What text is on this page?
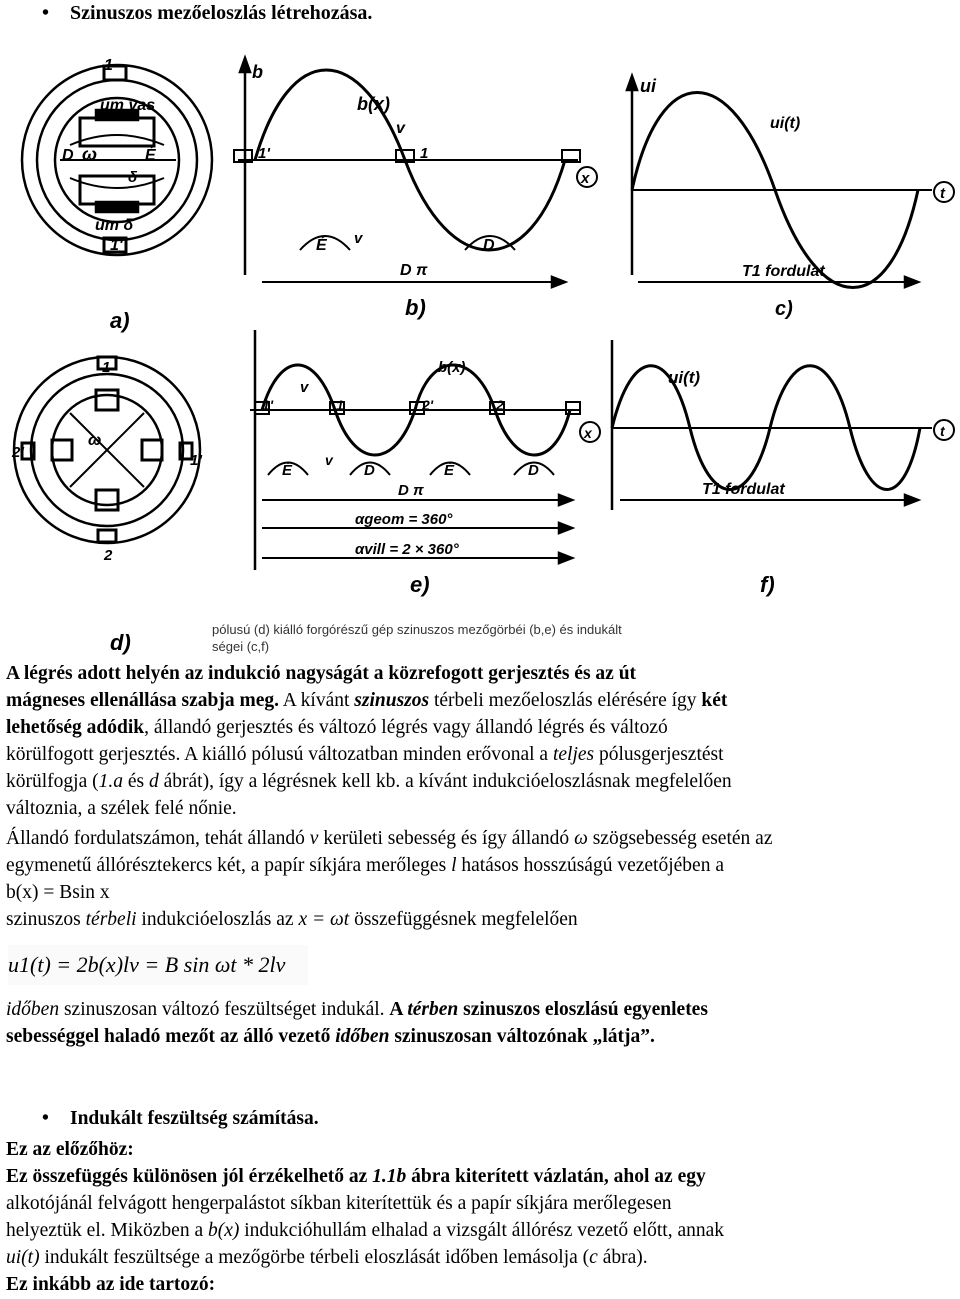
• Szinuszos mezőeloszlás létrehozása.
um vas
um δ
ω
δ
1
1'
É
D
a)
b
b(x)
v
1'	1
x
É v	D
D π
b)
ui
ui(t)
t
T1 fordulat
c)
ω
1
2
2'	1'
d)
v
b(x)
1'	1	2'	2
x
É
v
D	É	D
D π
αgeom = 360°
αvill = 2 × 360°
e)
ui(t)
t
T1 fordulat
f)
pólusú (d) kiálló forgórészű gép szinuszos mezőgörbéi (b,e) és indukált
ségei (c,f)

A légrés adott helyén az indukció nagyságát a közrefogott gerjesztés és az út

mágneses ellenállása szabja meg. A kívánt szinuszos térbeli mezőeloszlás elérésére így két

lehetőség adódik, állandó gerjesztés és változó légrés vagy állandó légrés és változó

körülfogott gerjesztés. A kiálló pólusú változatban minden erővonal a teljes pólusgerjesztést

körülfogja (1.a és d ábrát), így a légrésnek kell kb. a kívánt indukcióeloszlásnak megfelelően

változnia, a szélek felé nőnie.

Állandó fordulatszámon, tehát állandó v kerületi sebesség és így állandó ω szögsebesség esetén az

egymenetű állórésztekercs két, a papír síkjára merőleges l hatásos hosszúságú vezetőjében a

b(x) = Bsin x

szinuszos térbeli indukcióeloszlás az x = ωt összefüggésnek megfelelően

u1(t) = 2b(x)lv = B sin ωt * 2lv

időben szinuszosan változó feszültséget indukál. A térben szinuszos eloszlású egyenletes

sebességgel haladó mezőt az álló vezető időben szinuszosan változónak „látja”.

• Indukált feszültség számítása.

Ez az előzőhöz:

Ez összefüggés különösen jól érzékelhető az 1.1b ábra kiterített vázlatán, ahol az egy

alkotójánál felvágott hengerpalástot síkban kiterítettük és a papír síkjára merőlegesen

helyeztük el. Miközben a b(x) indukcióhullám elhalad a vizsgált állórész vezető előtt, annak

ui(t) indukált feszültsége a mezőgörbe térbeli eloszlását időben lemásolja (c ábra).

Ez inkább az ide tartozó:
